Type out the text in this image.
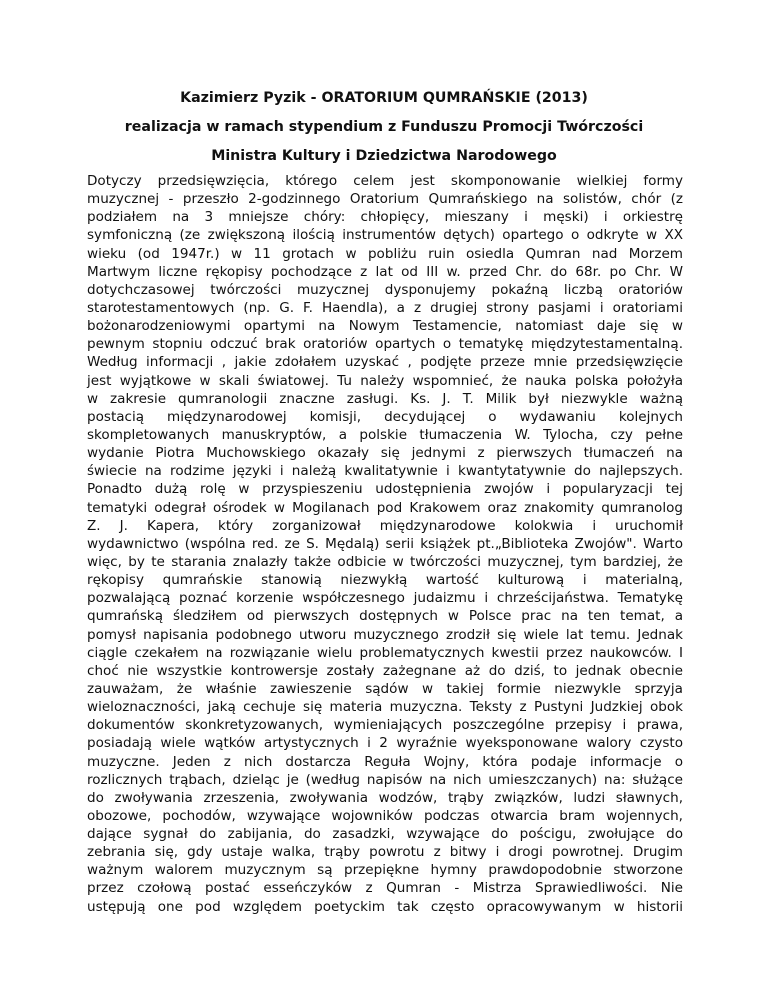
Kazimierz Pyzik - ORATORIUM QUMRAŃSKIE (2013)
realizacja w ramach stypendium z Funduszu Promocji Twórczości
Ministra Kultury i Dziedzictwa Narodowego
Dotyczy przedsięwzięcia, którego celem jest skomponowanie wielkiej formy
muzycznej - przeszło 2-godzinnego Oratorium Qumrańskiego na solistów, chór (z
podziałem na 3 mniejsze chóry: chłopięcy, mieszany i męski) i orkiestrę
symfoniczną (ze zwiększoną ilością instrumentów dętych) opartego o odkryte w XX
wieku (od 1947r.) w 11 grotach w pobliżu ruin osiedla Qumran nad Morzem
Martwym liczne rękopisy pochodzące z lat od III w. przed Chr. do 68r. po Chr. W
dotychczasowej twórczości muzycznej dysponujemy pokaźną liczbą oratoriów
starotestamentowych (np. G. F. Haendla), a z drugiej strony pasjami i oratoriami
bożonarodzeniowymi opartymi na Nowym Testamencie, natomiast daje się w
pewnym stopniu odczuć brak oratoriów opartych o tematykę międzytestamentalną.
Według informacji , jakie zdołałem uzyskać , podjęte przeze mnie przedsięwzięcie
jest wyjątkowe w skali światowej. Tu należy wspomnieć, że nauka polska położyła
w zakresie qumranologii znaczne zasługi. Ks. J. T. Milik był niezwykle ważną
postacią międzynarodowej komisji, decydującej o wydawaniu kolejnych
skompletowanych manuskryptów, a polskie tłumaczenia W. Tylocha, czy pełne
wydanie Piotra Muchowskiego okazały się jednymi z pierwszych tłumaczeń na
świecie na rodzime języki i należą kwalitatywnie i kwantytatywnie do najlepszych.
Ponadto dużą rolę w przyspieszeniu udostępnienia zwojów i popularyzacji tej
tematyki odegrał ośrodek w Mogilanach pod Krakowem oraz znakomity qumranolog
Z. J. Kapera, który zorganizował międzynarodowe kolokwia i uruchomił
wydawnictwo (wspólna red. ze S. Mędalą) serii książek pt.„Biblioteka Zwojów". Warto
więc, by te starania znalazły także odbicie w twórczości muzycznej, tym bardziej, że
rękopisy qumrańskie stanowią niezwykłą wartość kulturową i materialną,
pozwalającą poznać korzenie współczesnego judaizmu i chrześcijaństwa. Tematykę
qumrańską śledziłem od pierwszych dostępnych w Polsce prac na ten temat, a
pomysł napisania podobnego utworu muzycznego zrodził się wiele lat temu. Jednak
ciągle czekałem na rozwiązanie wielu problematycznych kwestii przez naukowców. I
choć nie wszystkie kontrowersje zostały zażegnane aż do dziś, to jednak obecnie
zauważam, że właśnie zawieszenie sądów w takiej formie niezwykle sprzyja
wieloznaczności, jaką cechuje się materia muzyczna. Teksty z Pustyni Judzkiej obok
dokumentów skonkretyzowanych, wymieniających poszczególne przepisy i prawa,
posiadają wiele wątków artystycznych i 2 wyraźnie wyeksponowane walory czysto
muzyczne. Jeden z nich dostarcza Reguła Wojny, która podaje informacje o
rozlicznych trąbach, dzieląc je (według napisów na nich umieszczanych) na: służące
do zwoływania zrzeszenia, zwoływania wodzów, trąby związków, ludzi sławnych,
obozowe, pochodów, wzywające wojowników podczas otwarcia bram wojennych,
dające sygnał do zabijania, do zasadzki, wzywające do pościgu, zwołujące do
zebrania się, gdy ustaje walka, trąby powrotu z bitwy i drogi powrotnej. Drugim
ważnym walorem muzycznym są przepiękne hymny prawdopodobnie stworzone
przez czołową postać esseńczyków z Qumran - Mistrza Sprawiedliwości. Nie
ustępują one pod względem poetyckim tak często opracowywanym w historii
